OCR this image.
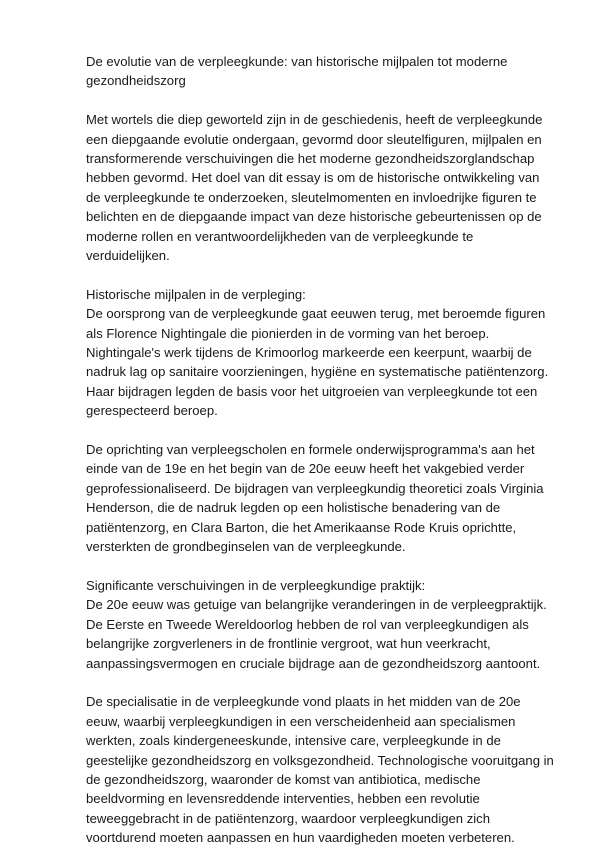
De evolutie van de verpleegkunde: van historische mijlpalen tot moderne gezondheidszorg

Met wortels die diep geworteld zijn in de geschiedenis, heeft de verpleegkunde een diepgaande evolutie ondergaan, gevormd door sleutelfiguren, mijlpalen en transformerende verschuivingen die het moderne gezondheidszorglandschap hebben gevormd. Het doel van dit essay is om de historische ontwikkeling van de verpleegkunde te onderzoeken, sleutelmomenten en invloedrijke figuren te belichten en de diepgaande impact van deze historische gebeurtenissen op de moderne rollen en verantwoordelijkheden van de verpleegkunde te verduidelijken.

Historische mijlpalen in de verpleging:
De oorsprong van de verpleegkunde gaat eeuwen terug, met beroemde figuren als Florence Nightingale die pionierden in de vorming van het beroep. Nightingale's werk tijdens de Krimoorlog markeerde een keerpunt, waarbij de nadruk lag op sanitaire voorzieningen, hygiëne en systematische patiëntenzorg. Haar bijdragen legden de basis voor het uitgroeien van verpleegkunde tot een gerespecteerd beroep.

De oprichting van verpleegscholen en formele onderwijsprogramma's aan het einde van de 19e en het begin van de 20e eeuw heeft het vakgebied verder geprofessionaliseerd. De bijdragen van verpleegkundig theoretici zoals Virginia Henderson, die de nadruk legden op een holistische benadering van de patiëntenzorg, en Clara Barton, die het Amerikaanse Rode Kruis oprichtte, versterkten de grondbeginselen van de verpleegkunde.

Significante verschuivingen in de verpleegkundige praktijk:
De 20e eeuw was getuige van belangrijke veranderingen in de verpleegpraktijk. De Eerste en Tweede Wereldoorlog hebben de rol van verpleegkundigen als belangrijke zorgverleners in de frontlinie vergroot, wat hun veerkracht, aanpassingsvermogen en cruciale bijdrage aan de gezondheidszorg aantoont.

De specialisatie in de verpleegkunde vond plaats in het midden van de 20e eeuw, waarbij verpleegkundigen in een verscheidenheid aan specialismen werkten, zoals kindergeneeskunde, intensive care, verpleegkunde in de geestelijke gezondheidszorg en volksgezondheid. Technologische vooruitgang in de gezondheidszorg, waaronder de komst van antibiotica, medische beeldvorming en levensreddende interventies, hebben een revolutie teweeggebracht in de patiëntenzorg, waardoor verpleegkundigen zich voortdurend moeten aanpassen en hun vaardigheden moeten verbeteren.
